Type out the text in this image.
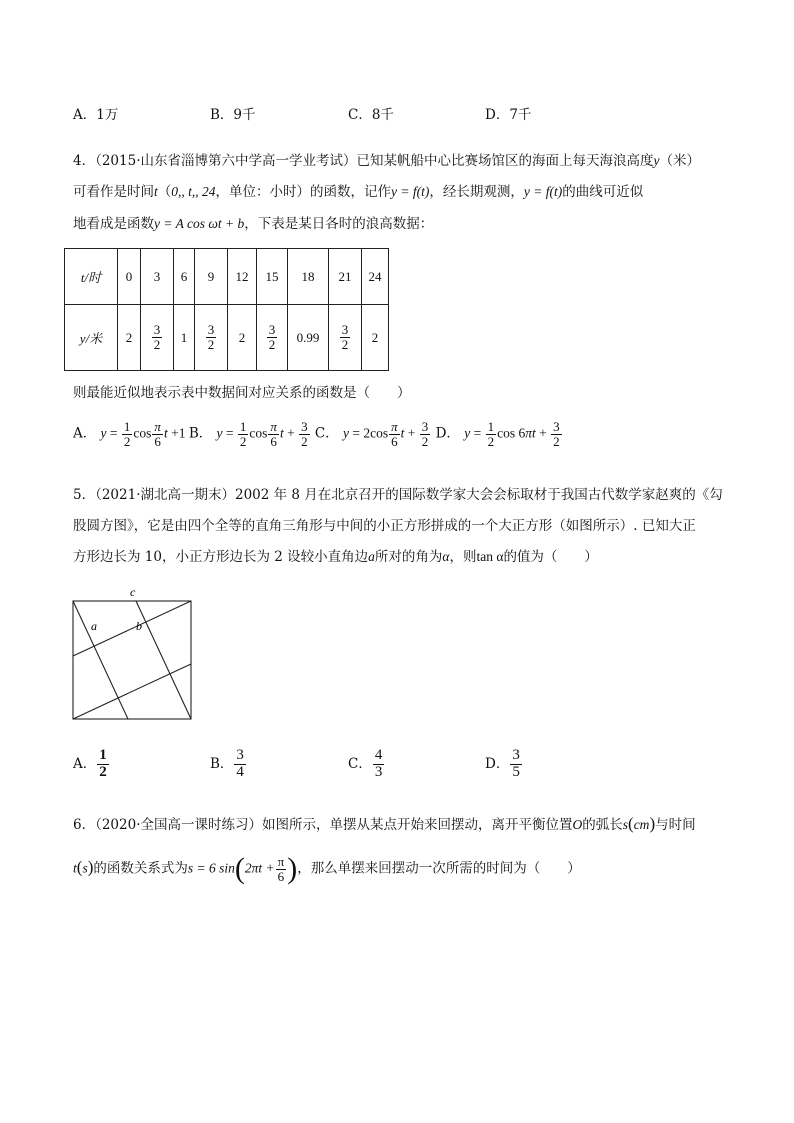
A．1万	B．9千	C．8千	D．7千
4．（2015·山东省淄博第六中学高一学业考试）已知某帆船中心比赛场馆区的海面上每天海浪高度y（米）
可看作是时间t（0,, t,, 24，单位：小时）的函数，记作y = f(t)，经长期观测，y = f(t)的曲线可近似
地看成是函数y = A cos ωt + b，下表是某日各时的浪高数据：
t/时	0	3	6	9	12	15	18	21	24
y/米	2	$\frac{3}{2}$	1	$\frac{3}{2}$	2	$\frac{3}{2}$	0.99	$\frac{3}{2}$	2
则最能近似地表示表中数据间对应关系的函数是（　　）
A． $y = \frac{1}{2}$ $\cos \frac{\pi}{6}$ t +1 B． $y = \frac{1}{2}$ $\cos \frac{\pi}{6}$ $t + \frac{3}{2}$ C． $y = 2\cos \frac{\pi}{6}$ $t + \frac{3}{2}$ D． $y = \frac{1}{2}$ $\cos 6\pi t + \frac{3}{2}$
5．（2021·湖北高一期末）2002 年 8 月在北京召开的国际数学家大会会标取材于我国古代数学家赵爽的《勾
股圆方图》，它是由四个全等的直角三角形与中间的小正方形拼成的一个大正方形（如图所示）. 已知大正
方形边长为 10，小正方形边长为 2 设较小直角边a所对的角为α，则tan α的值为（　　）
c
a	b
A． $\frac{1}{2}$	B． $\frac{3}{4}$	C． $\frac{4}{3}$	D． $\frac{3}{5}$
6．（2020·全国高一课时练习）如图所示，单摆从某点开始来回摆动，离开平衡位置O的弧长s(cm)与时间
t(s)的函数关系式为s = 6 $\sin(2\pi t + \frac{\pi}{6}$ )，那么单摆来回摆动一次所需的时间为（　　）
